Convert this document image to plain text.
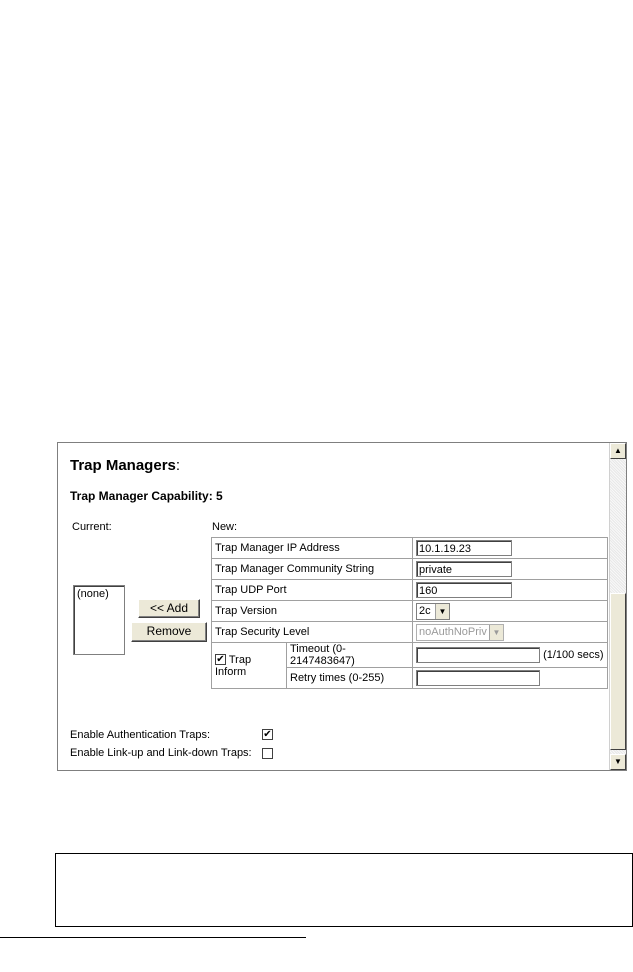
Trap Managers:
Trap Manager Capability: 5
Current:	New:
(none)
<< Add
Remove
Trap Manager IP Address		10.1.19.23
Trap Manager Community String		private
Trap UDP Port		160
Trap Version		2c ▼

Trap Security Level		noAuthNoPriv ▼

✔ Trap Inform	Timeout (0-2147483647)	(1/100 secs)
	Retry times (0-255)	
Enable Authentication Traps:	✔
Enable Link-up and Link-down Traps:
▲
▼
